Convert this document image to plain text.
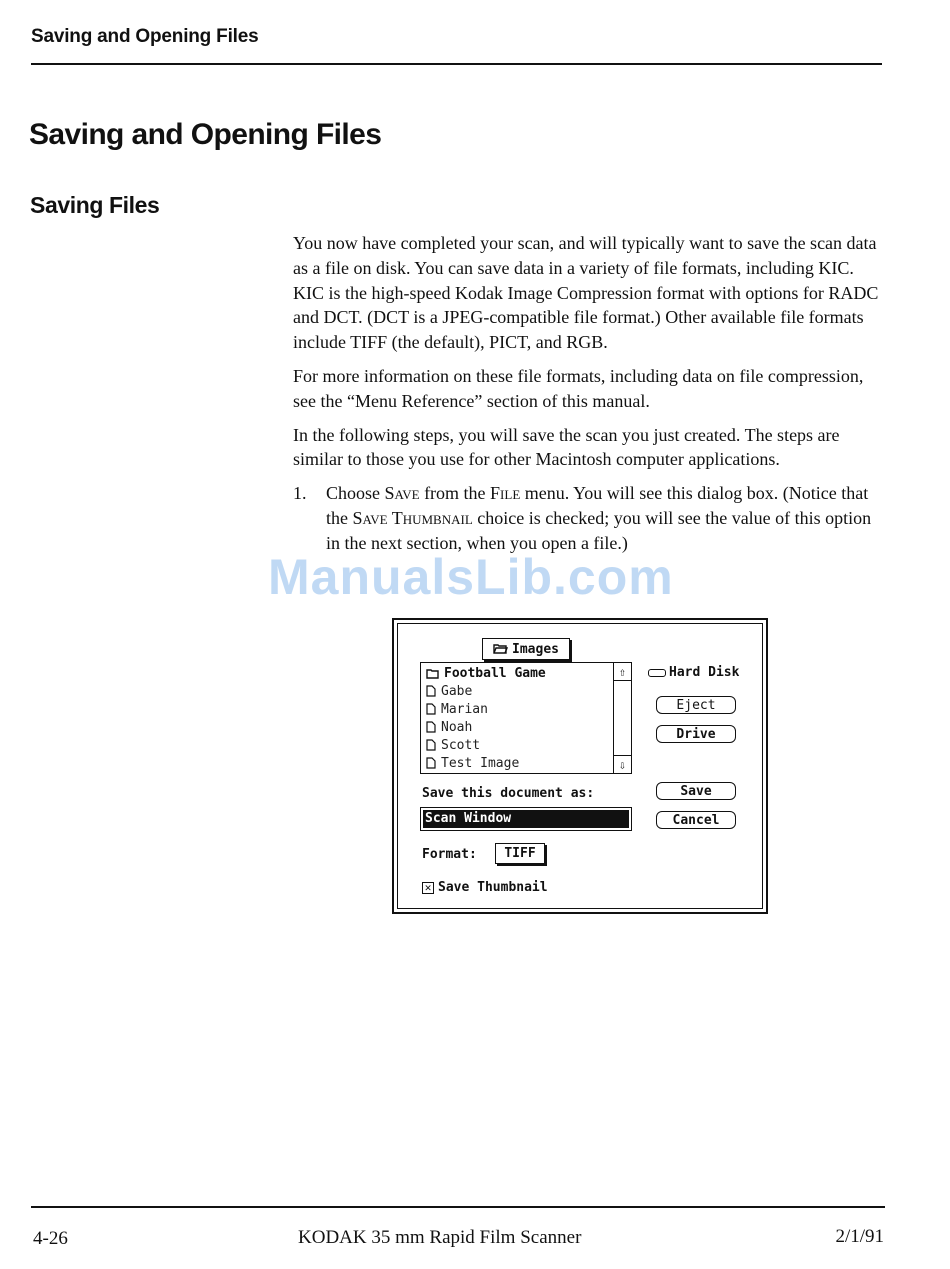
Saving and Opening Files
Saving and Opening Files
Saving Files

You now have completed your scan, and will typically want to save the scan data as a file on disk. You can save data in a variety of file formats, including KIC. KIC is the high-speed Kodak Image Compression format with options for RADC and DCT. (DCT is a JPEG-compatible file format.) Other available file formats include TIFF (the default), PICT, and RGB.

For more information on these file formats, including data on file compression, see the “Menu Reference” section of this manual.

In the following steps, you will save the scan you just created. The steps are similar to those you use for other Macintosh computer applications.

1. Choose Save from the File menu. You will see this dialog box. (Notice that the Save Thumbnail choice is checked; you will see the value of this option in the next section, when you open a file.)
ManualsLib.com
Images
Football Game
Gabe
Marian
Noah
Scott
Test Image
⇧
⇩
Hard Disk
Eject
Drive
Save
Cancel
Save this document as:
Scan Window
Format:	TIFF
✕ Save Thumbnail
4-26	KODAK 35 mm Rapid Film Scanner	2/1/91
